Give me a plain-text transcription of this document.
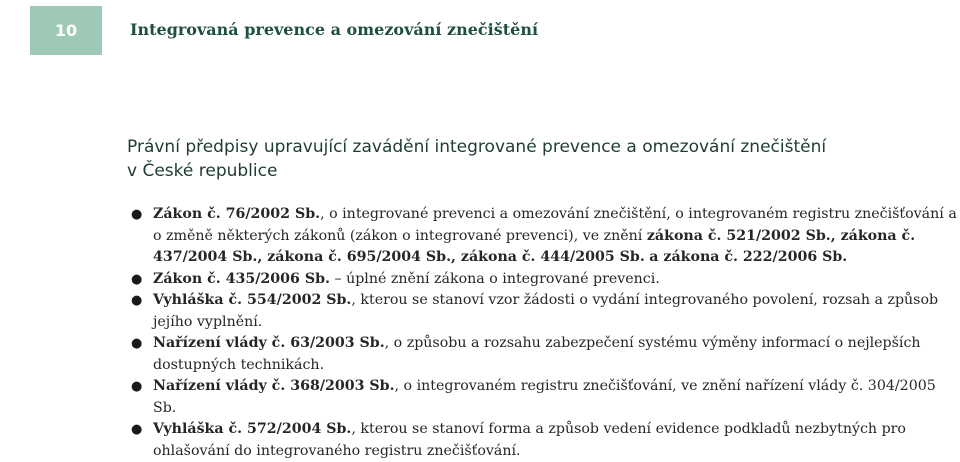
10	Integrovaná prevence a omezování znečištění
Právní předpisy upravující zavádění integrované prevence a omezování znečištění
v České republice
● Zákon č. 76/2002 Sb., o integrované prevenci a omezování znečištění, o integrovaném registru znečišťování a o změně některých zákonů (zákon o integrované prevenci), ve znění zákona č. 521/2002 Sb., zákona č. 437/2004 Sb., zákona č. 695/2004 Sb., zákona č. 444/2005 Sb. a zákona č. 222/2006 Sb.
● Zákon č. 435/2006 Sb. – úplné znění zákona o integrované prevenci.
● Vyhláška č. 554/2002 Sb., kterou se stanoví vzor žádosti o vydání integrovaného povolení, rozsah a způsob jejího vyplnění.
● Nařízení vlády č. 63/2003 Sb., o způsobu a rozsahu zabezpečení systému výměny informací o nejlepších dostupných technikách.
● Nařízení vlády č. 368/2003 Sb., o integrovaném registru znečišťování, ve znění nařízení vlády č. 304/2005 Sb.
● Vyhláška č. 572/2004 Sb., kterou se stanoví forma a způsob vedení evidence podkladů nezbytných pro ohlašování do integrovaného registru znečišťování.
